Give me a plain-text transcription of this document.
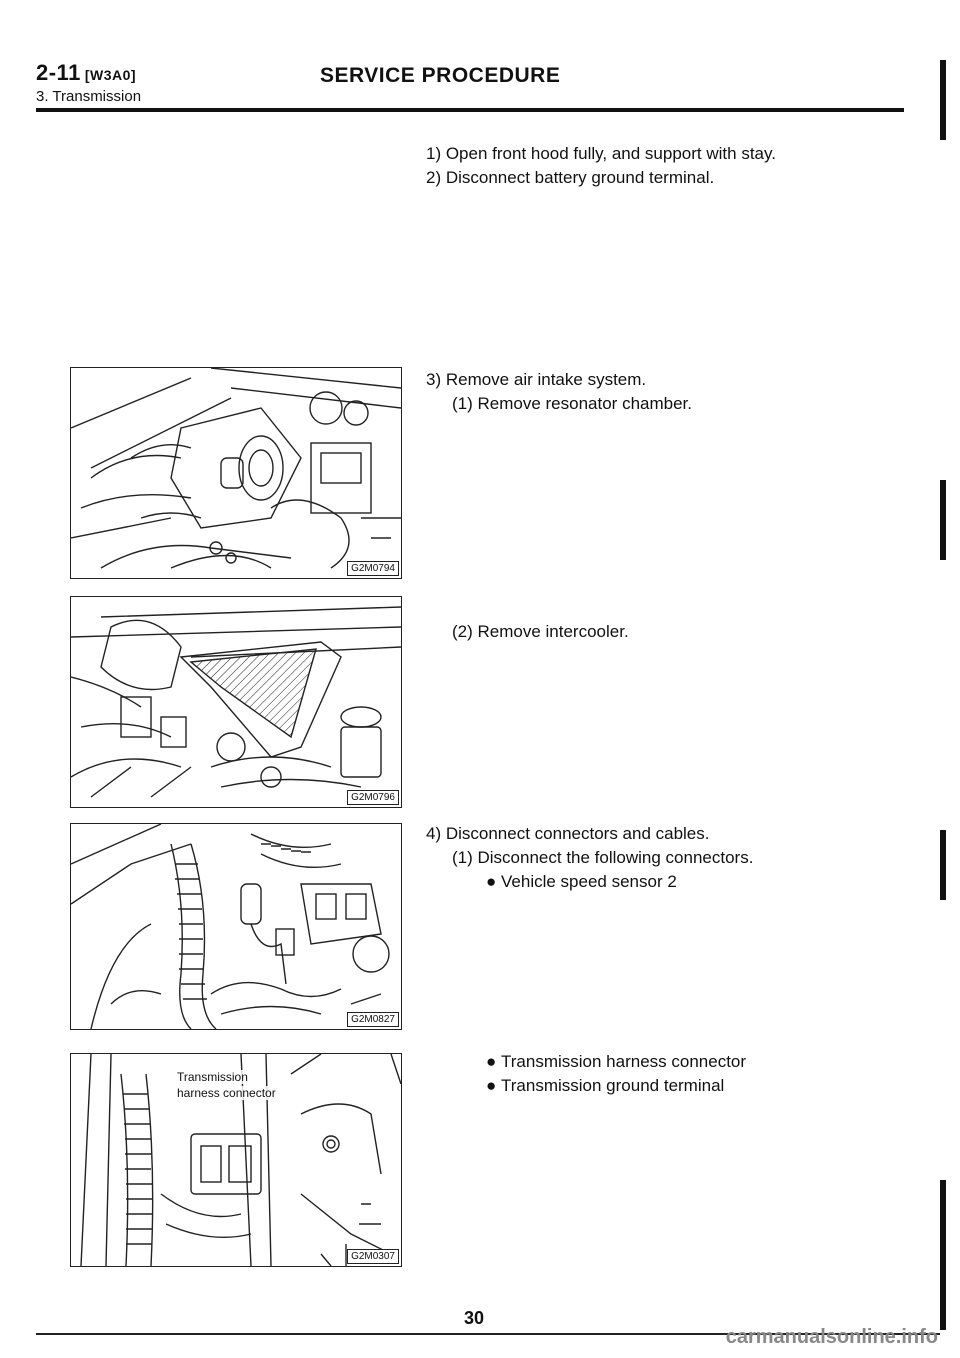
2-11 [W3A0]
3. Transmission
SERVICE PROCEDURE
1) Open front hood fully, and support with stay.
2) Disconnect battery ground terminal.
3) Remove air intake system.
(1) Remove resonator chamber.
(2) Remove intercooler.
4) Disconnect connectors and cables.
(1) Disconnect the following connectors.
● Vehicle speed sensor 2
● Transmission harness connector
● Transmission ground terminal
G2M0794
G2M0796
G2M0827
Transmission
harness connector
G2M0307
30
carmanualsonline.info
